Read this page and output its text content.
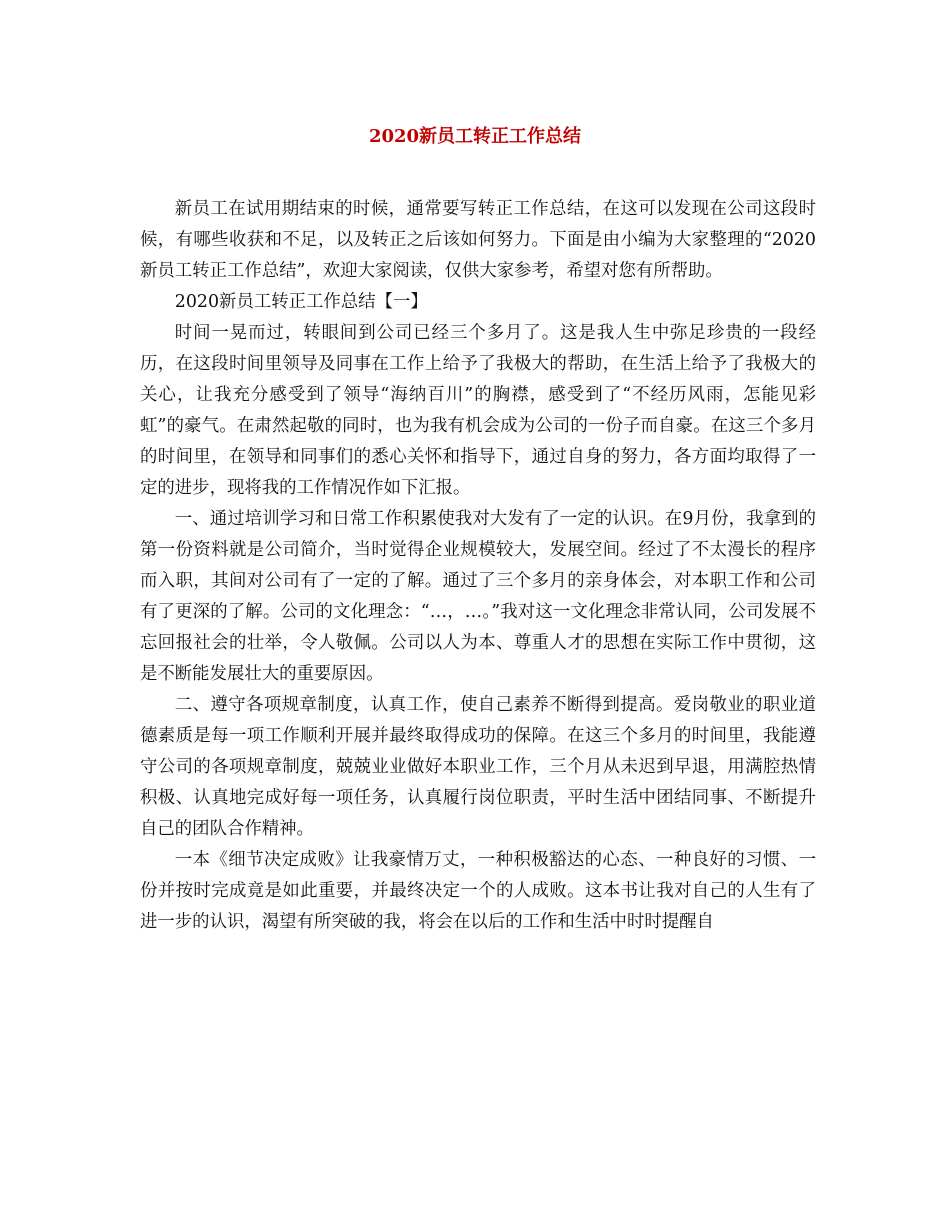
2020新员工转正工作总结

新员工在试用期结束的时候，通常要写转正工作总结，在这可以发现在公司这段时候，有哪些收获和不足，以及转正之后该如何努力。下面是由小编为大家整理的“2020新员工转正工作总结”，欢迎大家阅读，仅供大家参考，希望对您有所帮助。

2020新员工转正工作总结【一】

时间一晃而过，转眼间到公司已经三个多月了。这是我人生中弥足珍贵的一段经历，在这段时间里领导及同事在工作上给予了我极大的帮助，在生活上给予了我极大的关心，让我充分感受到了领导“海纳百川”的胸襟，感受到了“不经历风雨，怎能见彩虹”的豪气。在肃然起敬的同时，也为我有机会成为公司的一份子而自豪。在这三个多月的时间里，在领导和同事们的悉心关怀和指导下，通过自身的努力，各方面均取得了一定的进步，现将我的工作情况作如下汇报。

一、通过培训学习和日常工作积累使我对大发有了一定的认识。在9月份，我拿到的第一份资料就是公司简介，当时觉得企业规模较大，发展空间。经过了不太漫长的程序而入职，其间对公司有了一定的了解。通过了三个多月的亲身体会，对本职工作和公司有了更深的了解。公司的文化理念：“…，…。”我对这一文化理念非常认同，公司发展不忘回报社会的壮举，令人敬佩。公司以人为本、尊重人才的思想在实际工作中贯彻，这是不断能发展壮大的重要原因。

二、遵守各项规章制度，认真工作，使自己素养不断得到提高。爱岗敬业的职业道德素质是每一项工作顺利开展并最终取得成功的保障。在这三个多月的时间里，我能遵守公司的各项规章制度，兢兢业业做好本职业工作，三个月从未迟到早退，用满腔热情积极、认真地完成好每一项任务，认真履行岗位职责，平时生活中团结同事、不断提升自己的团队合作精神。

一本《细节决定成败》让我豪情万丈，一种积极豁达的心态、一种良好的习惯、一份并按时完成竟是如此重要，并最终决定一个的人成败。这本书让我对自己的人生有了进一步的认识，渴望有所突破的我，将会在以后的工作和生活中时时提醒自
